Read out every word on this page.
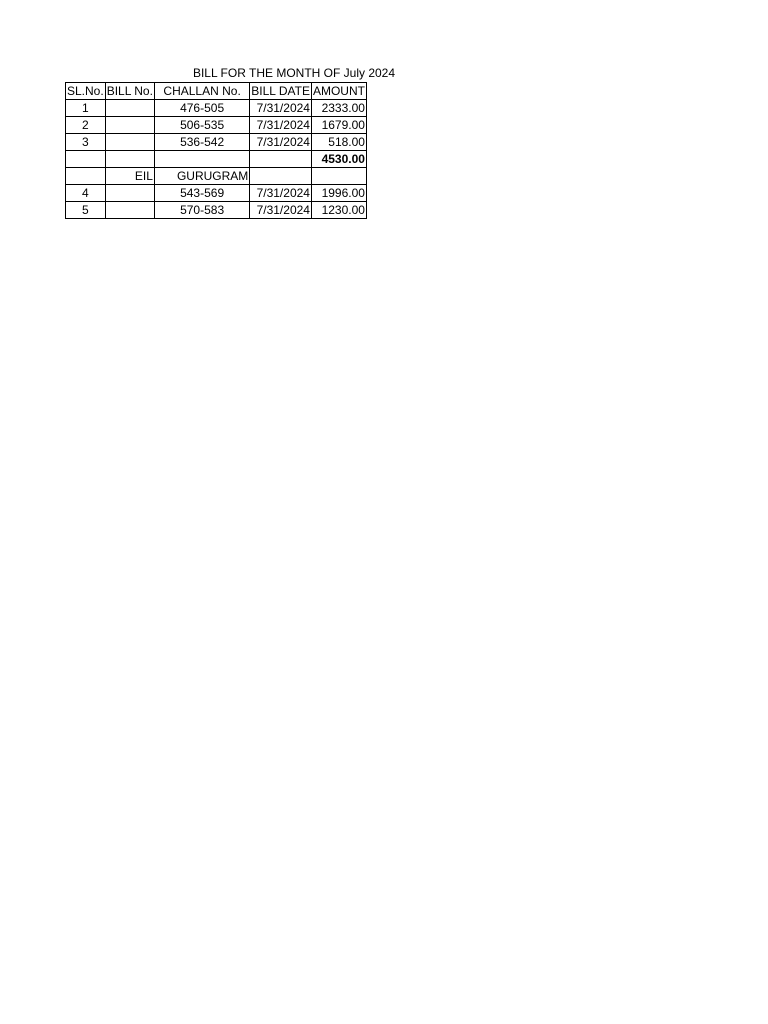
BILL FOR THE MONTH OF July 2024
SL.No.	BILL No.	CHALLAN No.	BILL DATE	AMOUNT
1		476-505	7/31/2024	2333.00
2		506-535	7/31/2024	1679.00
3		536-542	7/31/2024	518.00
				4530.00
	EIL	GURUGRAM		
4		543-569	7/31/2024	1996.00
5		570-583	7/31/2024	1230.00
